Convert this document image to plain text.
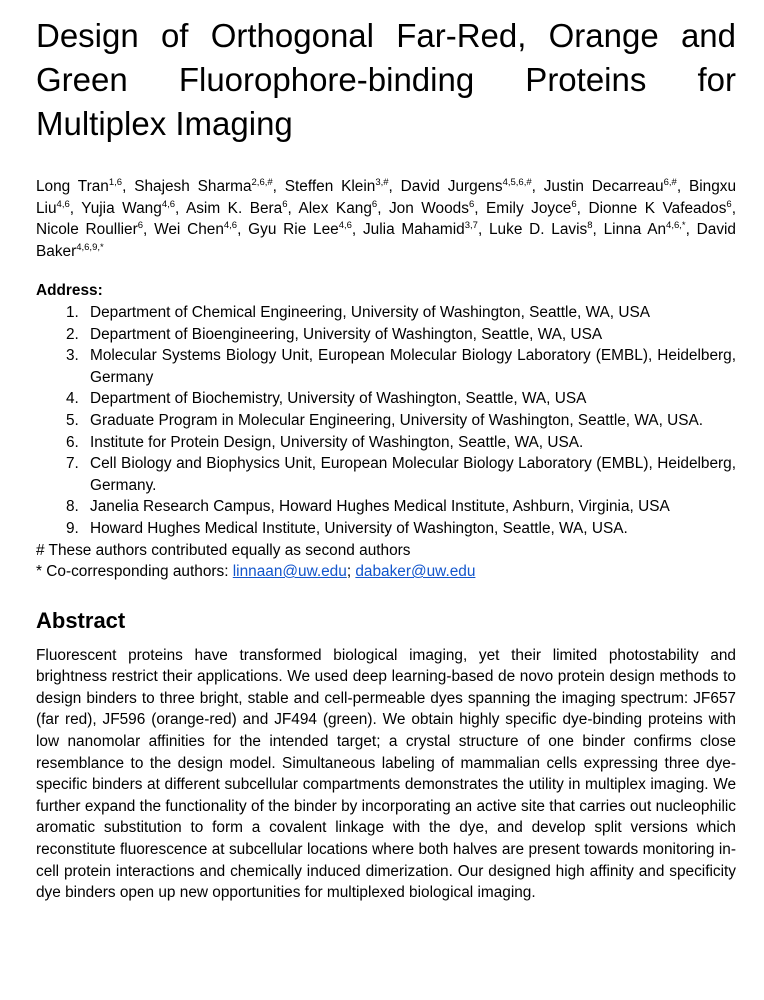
Design of Orthogonal Far-Red, Orange and Green Fluorophore-binding Proteins for Multiplex Imaging
Long Tran$^{1,6}$, Shajesh Sharma$^{2,6,\#}$, Steffen Klein$^{3,\#}$, David Jurgens$^{4,5,6,\#}$, Justin Decarreau$^{6,\#}$, Bingxu Liu$^{4,6}$, Yujia Wang$^{4,6}$, Asim K. Bera$^6$, Alex Kang$^6$, Jon Woods$^6$, Emily Joyce$^6$, Dionne K Vafeados$^6$, Nicole Roullier$^6$, Wei Chen$^{4,6}$, Gyu Rie Lee$^{4,6}$, Julia Mahamid$^{3,7}$, Luke D. Lavis$^8$, Linna $An^{4,6,*}$, David Baker$^{4,6,9,*}$
Address:
1. Department of Chemical Engineering, University of Washington, Seattle, WA, USA
2. Department of Bioengineering, University of Washington, Seattle, WA, USA
3. Molecular Systems Biology Unit, European Molecular Biology Laboratory (EMBL), Heidelberg, Germany
4. Department of Biochemistry, University of Washington, Seattle, WA, USA
5. Graduate Program in Molecular Engineering, University of Washington, Seattle, WA, USA.
6. Institute for Protein Design, University of Washington, Seattle, WA, USA.
7. Cell Biology and Biophysics Unit, European Molecular Biology Laboratory (EMBL), Heidelberg, Germany.
8. Janelia Research Campus, Howard Hughes Medical Institute, Ashburn, Virginia, USA
9. Howard Hughes Medical Institute, University of Washington, Seattle, WA, USA.
# These authors contributed equally as second authors
* Co-corresponding authors: linnaan@uw.edu; dabaker@uw.edu
Abstract
Fluorescent proteins have transformed biological imaging, yet their limited photostability and brightness restrict their applications. We used deep learning-based de novo protein design methods to design binders to three bright, stable and cell-permeable dyes spanning the imaging spectrum: JF657 (far red), JF596 (orange-red) and JF494 (green). We obtain highly specific dye-binding proteins with low nanomolar affinities for the intended target; a crystal structure of one binder confirms close resemblance to the design model. Simultaneous labeling of mammalian cells expressing three dye-specific binders at different subcellular compartments demonstrates the utility in multiplex imaging. We further expand the functionality of the binder by incorporating an active site that carries out nucleophilic aromatic substitution to form a covalent linkage with the dye, and develop split versions which reconstitute fluorescence at subcellular locations where both halves are present towards monitoring in-cell protein interactions and chemically induced dimerization. Our designed high affinity and specificity dye binders open up new opportunities for multiplexed biological imaging.
